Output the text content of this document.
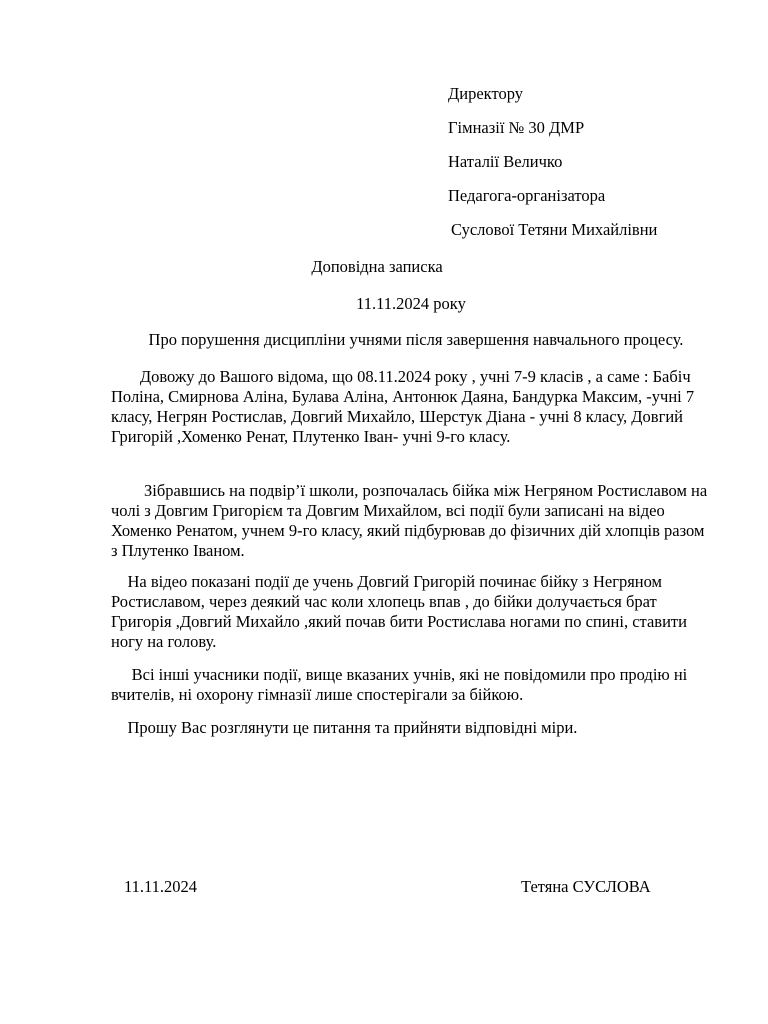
Директору
Гімназії № 30 ДМР
Наталії Величко
Педагога-організатора
Суслової Тетяни Михайлівни
Доповідна записка
11.11.2024 року
Про порушення дисципліни учнями після завершення навчального процесу.

Довожу до Вашого відома, що 08.11.2024 року , учні 7-9 класів , а саме : Бабіч Поліна, Смирнова Аліна, Булава Аліна, Антонюк Даяна, Бандурка Максим, -учні 7 класу, Негрян Ростислав, Довгий Михайло, Шерстук Діана - учні 8 класу, Довгий Григорій ,Хоменко Ренат, Плутенко Іван- учні 9-го класу.

Зібравшись на подвір’ї школи, розпочалась бійка між Негряном Ростиславом на чолі з Довгим Григорієм та Довгим Михайлом, всі події були записані на відео Хоменко Ренатом, учнем 9-го класу, який підбурював до фізичних дій хлопців разом з Плутенко Іваном.

На відео показані події де учень Довгий Григорій починає бійку з Негряном Ростиславом, через деякий час коли хлопець впав , до бійки долучається брат Григорія ,Довгий Михайло ,який почав бити Ростислава ногами по спині, ставити ногу на голову.

Всі інші учасники події, вище вказаних учнів, які не повідомили про продію ні вчителів, ні охорону гімназії лише спостерігали за бійкою.

Прошу Вас розглянути це питання та прийняти відповідні міри.

11.11.2024	Тетяна СУСЛОВА
